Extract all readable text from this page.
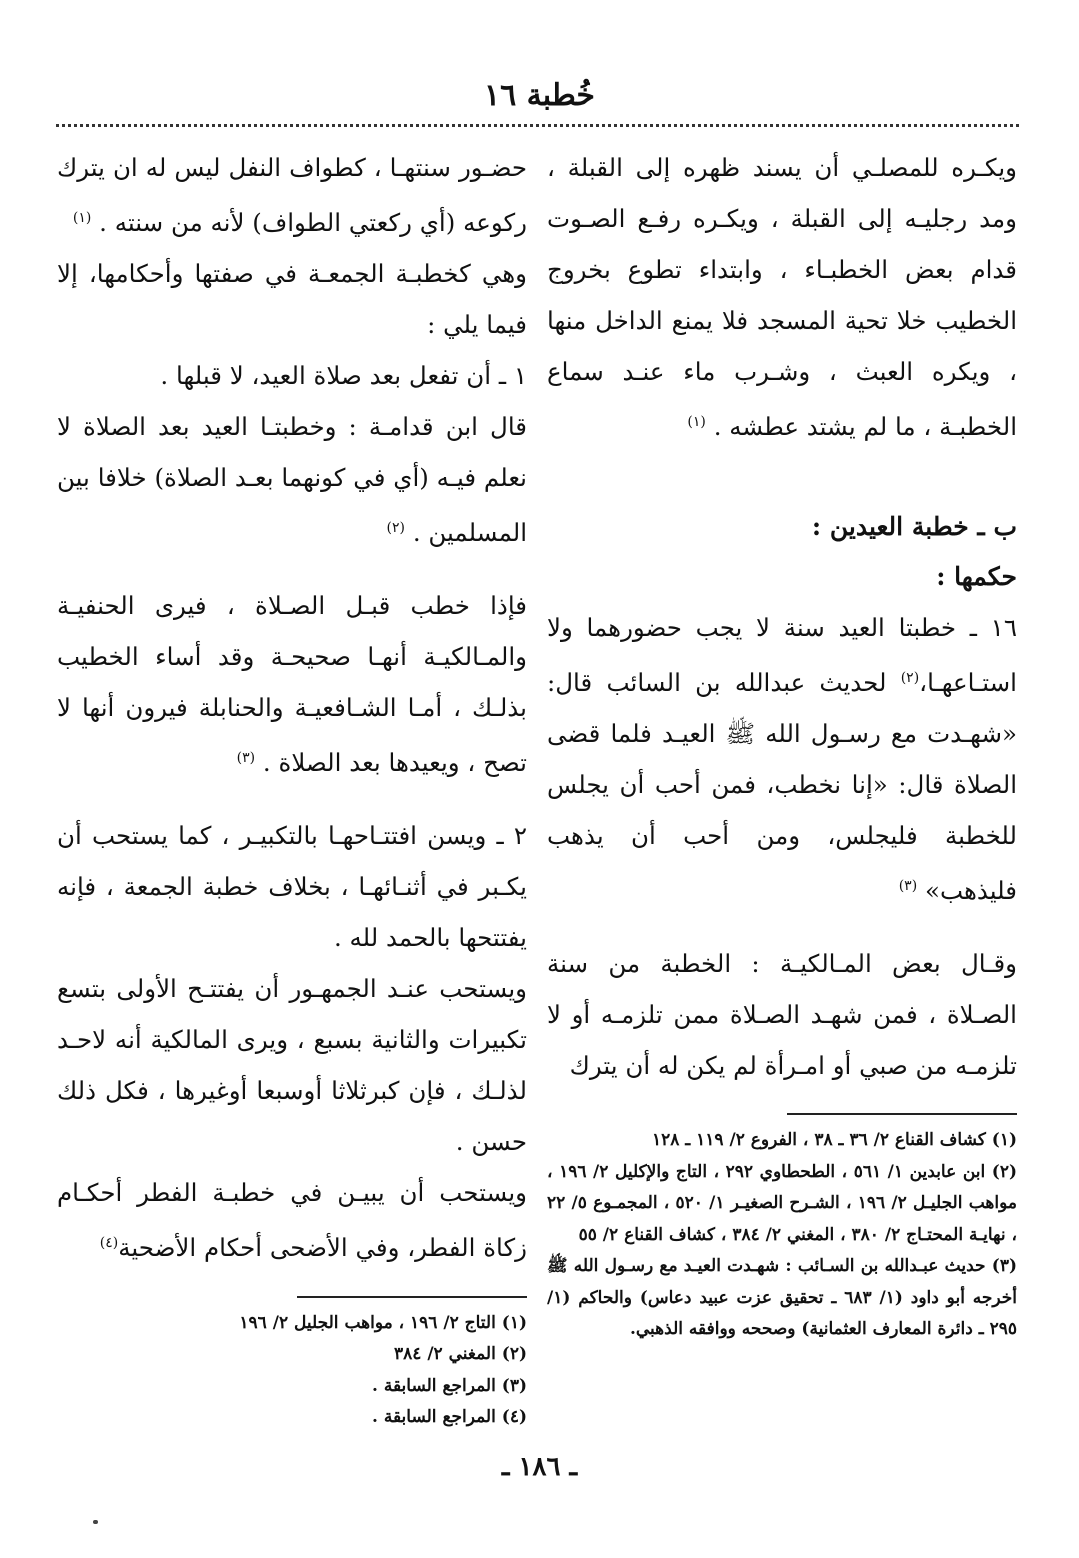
خُطبة ١٦

ويكـره للمصلـي أن يسند ظهره إلى القبلة ، ومد رجليـه إلى القبلة ، ويكـره رفـع الصـوت قدام بعض الخطبـاء ، وابتداء تطوع بخروج الخطيب خلا تحية المسجد فلا يمنع الداخل منها ، ويكره العبث ، وشـرب ماء عنـد سماع الخطبـة ، ما لم يشتد عطشه . $^{(١)}$

ب ـ خطبة العيدين :

حكمها :

١٦ ـ خطبتا العيد سنة لا يجب حضورهما ولا استـاعهـا،$^{(٢)}$ لحديث عبدالله بن السائب قال: «شهـدت مع رسـول الله ﷺ العيـد فلما قضى الصلاة قال: «إنا نخطب، فمن أحب أن يجلس للخطبة فليجلس، ومن أحب أن يذهب فليذهب» $^{(٣)}$

وقـال بعض المـالكيـة : الخطبة من سنة الصـلاة ، فمن شهـد الصـلاة ممن تلزمـه أو لا تلزمـه من صبي أو امـرأة لم يكن له أن يترك

(١) كشاف القناع ٢/ ٣٦ ـ ٣٨ ، الفروع ٢/ ١١٩ ـ ١٢٨

(٢) ابن عابدين ١/ ٥٦١ ، الطحطاوي ٢٩٢ ، التاج والإكليل ٢/ ١٩٦ ، مواهب الجليـل ٢/ ١٩٦ ، الشـرح الصغيـر ١/ ٥٢٠ ، المجمـوع ٥/ ٢٢ ، نهايـة المحتـاج ٢/ ٣٨٠ ، المغني ٢/ ٣٨٤ ، كشاف القناع ٢/ ٥٥

(٣) حديث عبـدالله بن السـائب : شهـدت العيـد مع رسـول الله ﷺ أخرجه أبو داود (١/ ٦٨٣ ـ تحقيق عزت عبيد دعاس) والحاكم (١/ ٢٩٥ ـ دائرة المعارف العثمانية) وصححه ووافقه الذهبي.

حضـور سنتهـا ، كطواف النفل ليس له ان يترك ركوعه (أي ركعتي الطواف) لأنه من سنته . $^{(١)}$

وهي كخطبـة الجمعـة في صفتها وأحكامها، إلا فيما يلي :

١ ـ أن تفعل بعد صلاة العيد، لا قبلها .

قال ابن قدامـة : وخطبتـا العيد بعد الصلاة لا نعلم فيـه (أي في كونهما بعـد الصلاة) خلافا بين المسلمين . $^{(٢)}$

فإذا خطب قبـل الصـلاة ، فيرى الحنفيـة والمـالكيـة أنهـا صحيحـة وقد أساء الخطيب بذلـك ، أمـا الشـافعيـة والحنابلة فيرون أنها لا تصح ، ويعيدها بعد الصلاة . $^{(٣)}$

٢ ـ ويسن افتتـاحهـا بالتكبيـر ، كما يستحب أن يكـبر في أثنـائهـا ، بخلاف خطبة الجمعة ، فإنه يفتتحها بالحمد لله .

ويستحب عنـد الجمهـور أن يفتتـح الأولى بتسع تكبيرات والثانية بسبع ، ويرى المالكية أنه لاحـد لذلـك ، فإن كبرثلاثا أوسبعا أوغيرها ، فكل ذلك حسن .

ويستحب أن يبيـن في خطبـة الفطر أحكـام زكاة الفطر، وفي الأضحى أحكام الأضحية$^{(٤)}$

(١) التاج ٢/ ١٩٦ ، مواهب الجليل ٢/ ١٩٦

(٢) المغني ٢/ ٣٨٤

(٣) المراجع السابقة .

(٤) المراجع السابقة .

ـ ١٨٦ ـ
